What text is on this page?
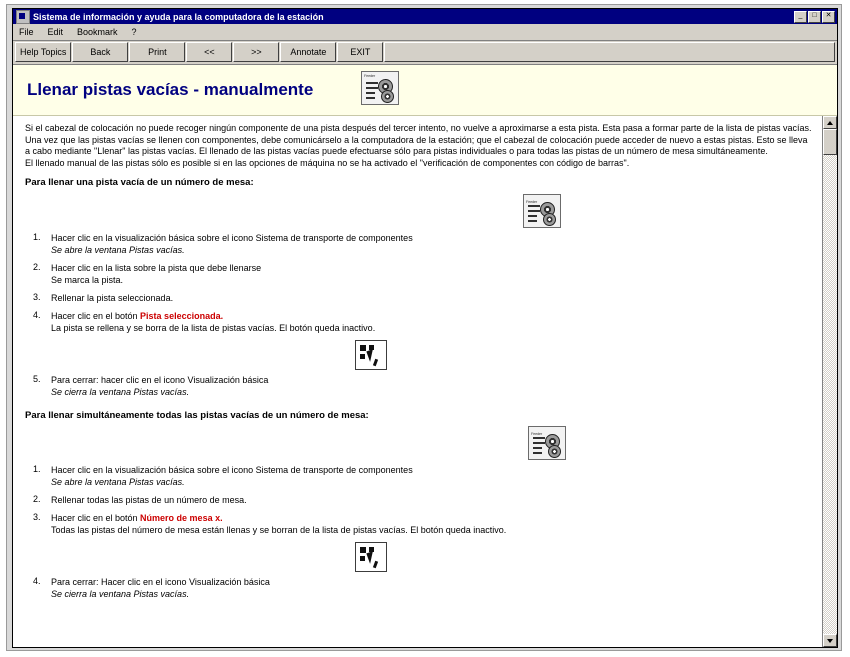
Sistema de información y ayuda para la computadora de la estación	_	□	✕
File Edit Bookmark ?
Help Topics	Back	Print	<<	>>	Annotate	EXIT
Llenar pistas vacías - manualmente
Feeder

Si el cabezal de colocación no puede recoger ningún componente de una pista después del tercer intento, no vuelve a aproximarse a esta pista. Esta pasa a formar parte de la lista de pistas vacías.

Una vez que las pistas vacías se llenen con componentes, debe comunicárselo a la computadora de la estación; que el cabezal de colocación puede acceder de nuevo a estas pistas. Esto se lleva a cabo mediante "Llenar" las pistas vacías. El llenado de las pistas vacías puede efectuarse sólo para pistas individuales o para todas las pistas de un número de mesa simultáneamente.

El llenado manual de las pistas sólo es posible si en las opciones de máquina no se ha activado el "verificación de componentes con código de barras".

Para llenar una pista vacía de un número de mesa:
Feeder
1.	Hacer clic en la visualización básica sobre el icono Sistema de transporte de componentes
Se abre la ventana Pistas vacías.
2.	Hacer clic en la lista sobre la pista que debe llenarse
Se marca la pista.
3.	Rellenar la pista seleccionada.
4.	Hacer clic en el botón Pista seleccionada.
La pista se rellena y se borra de la lista de pistas vacías. El botón queda inactivo.
5.	Para cerrar: hacer clic en el icono Visualización básica
Se cierra la ventana Pistas vacías.
Para llenar simultáneamente todas las pistas vacías de un número de mesa:
Feeder
1.	Hacer clic en la visualización básica sobre el icono Sistema de transporte de componentes
Se abre la ventana Pistas vacías.
2.	Rellenar todas las pistas de un número de mesa.
3.	Hacer clic en el botón Número de mesa x.
Todas las pistas del número de mesa están llenas y se borran de la lista de pistas vacías. El botón queda inactivo.
4.	Para cerrar: Hacer clic en el icono Visualización básica
Se cierra la ventana Pistas vacías.
